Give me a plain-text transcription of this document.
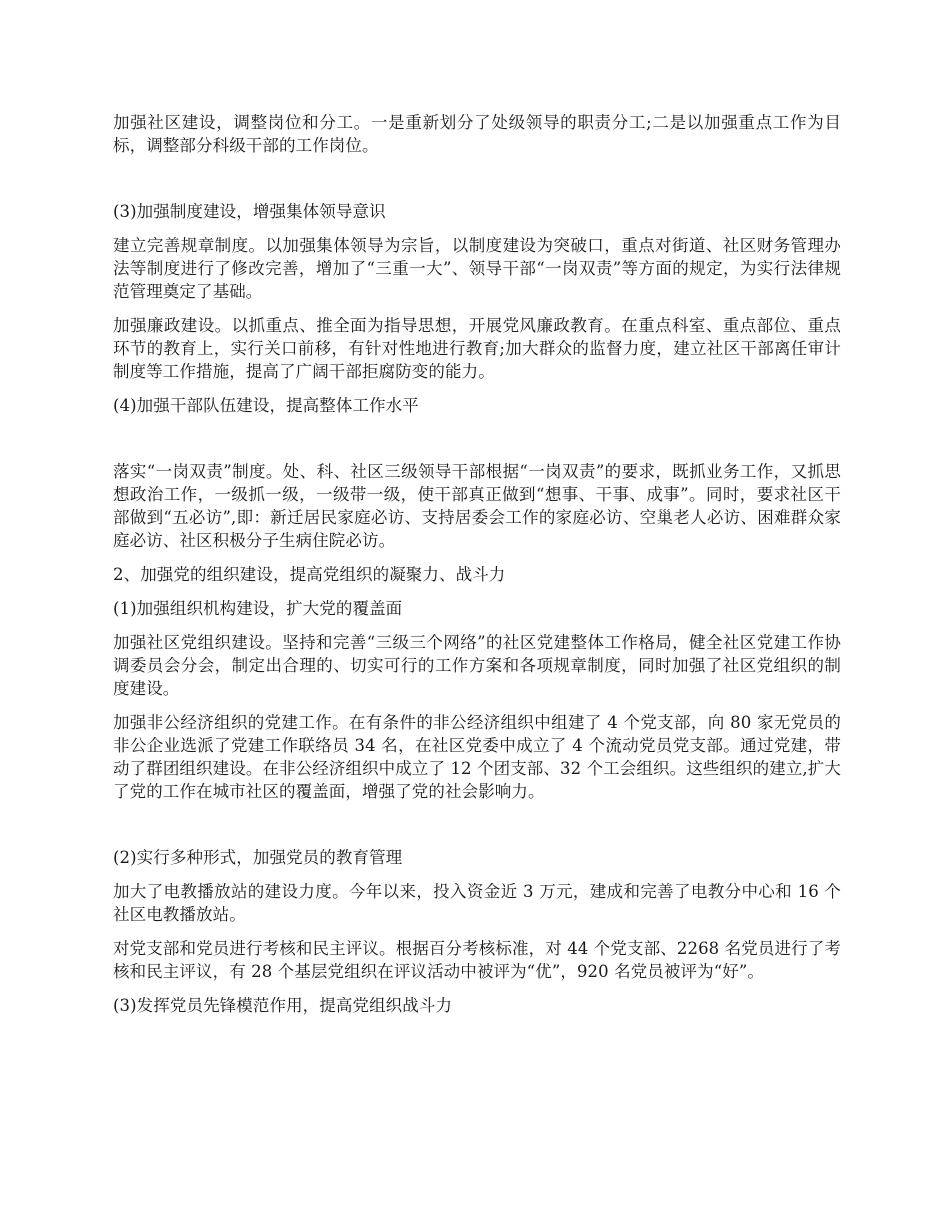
加强社区建设，调整岗位和分工。一是重新划分了处级领导的职责分工;二是以加强重点工作为目标，调整部分科级干部的工作岗位。

(3)加强制度建设，增强集体领导意识

建立完善规章制度。以加强集体领导为宗旨，以制度建设为突破口，重点对街道、社区财务管理办法等制度进行了修改完善，增加了“三重一大”、领导干部“一岗双责”等方面的规定，为实行法律规范管理奠定了基础。

加强廉政建设。以抓重点、推全面为指导思想，开展党风廉政教育。在重点科室、重点部位、重点环节的教育上，实行关口前移，有针对性地进行教育;加大群众的监督力度，建立社区干部离任审计制度等工作措施，提高了广阔干部拒腐防变的能力。

(4)加强干部队伍建设，提高整体工作水平

落实“一岗双责”制度。处、科、社区三级领导干部根据“一岗双责”的要求，既抓业务工作，又抓思想政治工作，一级抓一级，一级带一级，使干部真正做到“想事、干事、成事”。同时，要求社区干部做到“五必访”,即：新迁居民家庭必访、支持居委会工作的家庭必访、空巢老人必访、困难群众家庭必访、社区积极分子生病住院必访。

2、加强党的组织建设，提高党组织的凝聚力、战斗力

(1)加强组织机构建设，扩大党的覆盖面

加强社区党组织建设。坚持和完善“三级三个网络”的社区党建整体工作格局，健全社区党建工作协调委员会分会，制定出合理的、切实可行的工作方案和各项规章制度，同时加强了社区党组织的制度建设。

加强非公经济组织的党建工作。在有条件的非公经济组织中组建了 4 个党支部，向 80 家无党员的非公企业选派了党建工作联络员 34 名，在社区党委中成立了 4 个流动党员党支部。通过党建，带动了群团组织建设。在非公经济组织中成立了 12 个团支部、32 个工会组织。这些组织的建立,扩大了党的工作在城市社区的覆盖面，增强了党的社会影响力。

(2)实行多种形式，加强党员的教育管理

加大了电教播放站的建设力度。今年以来，投入资金近 3 万元，建成和完善了电教分中心和 16 个社区电教播放站。

对党支部和党员进行考核和民主评议。根据百分考核标准，对 44 个党支部、2268 名党员进行了考核和民主评议，有 28 个基层党组织在评议活动中被评为“优”，920 名党员被评为“好”。

(3)发挥党员先锋模范作用，提高党组织战斗力
